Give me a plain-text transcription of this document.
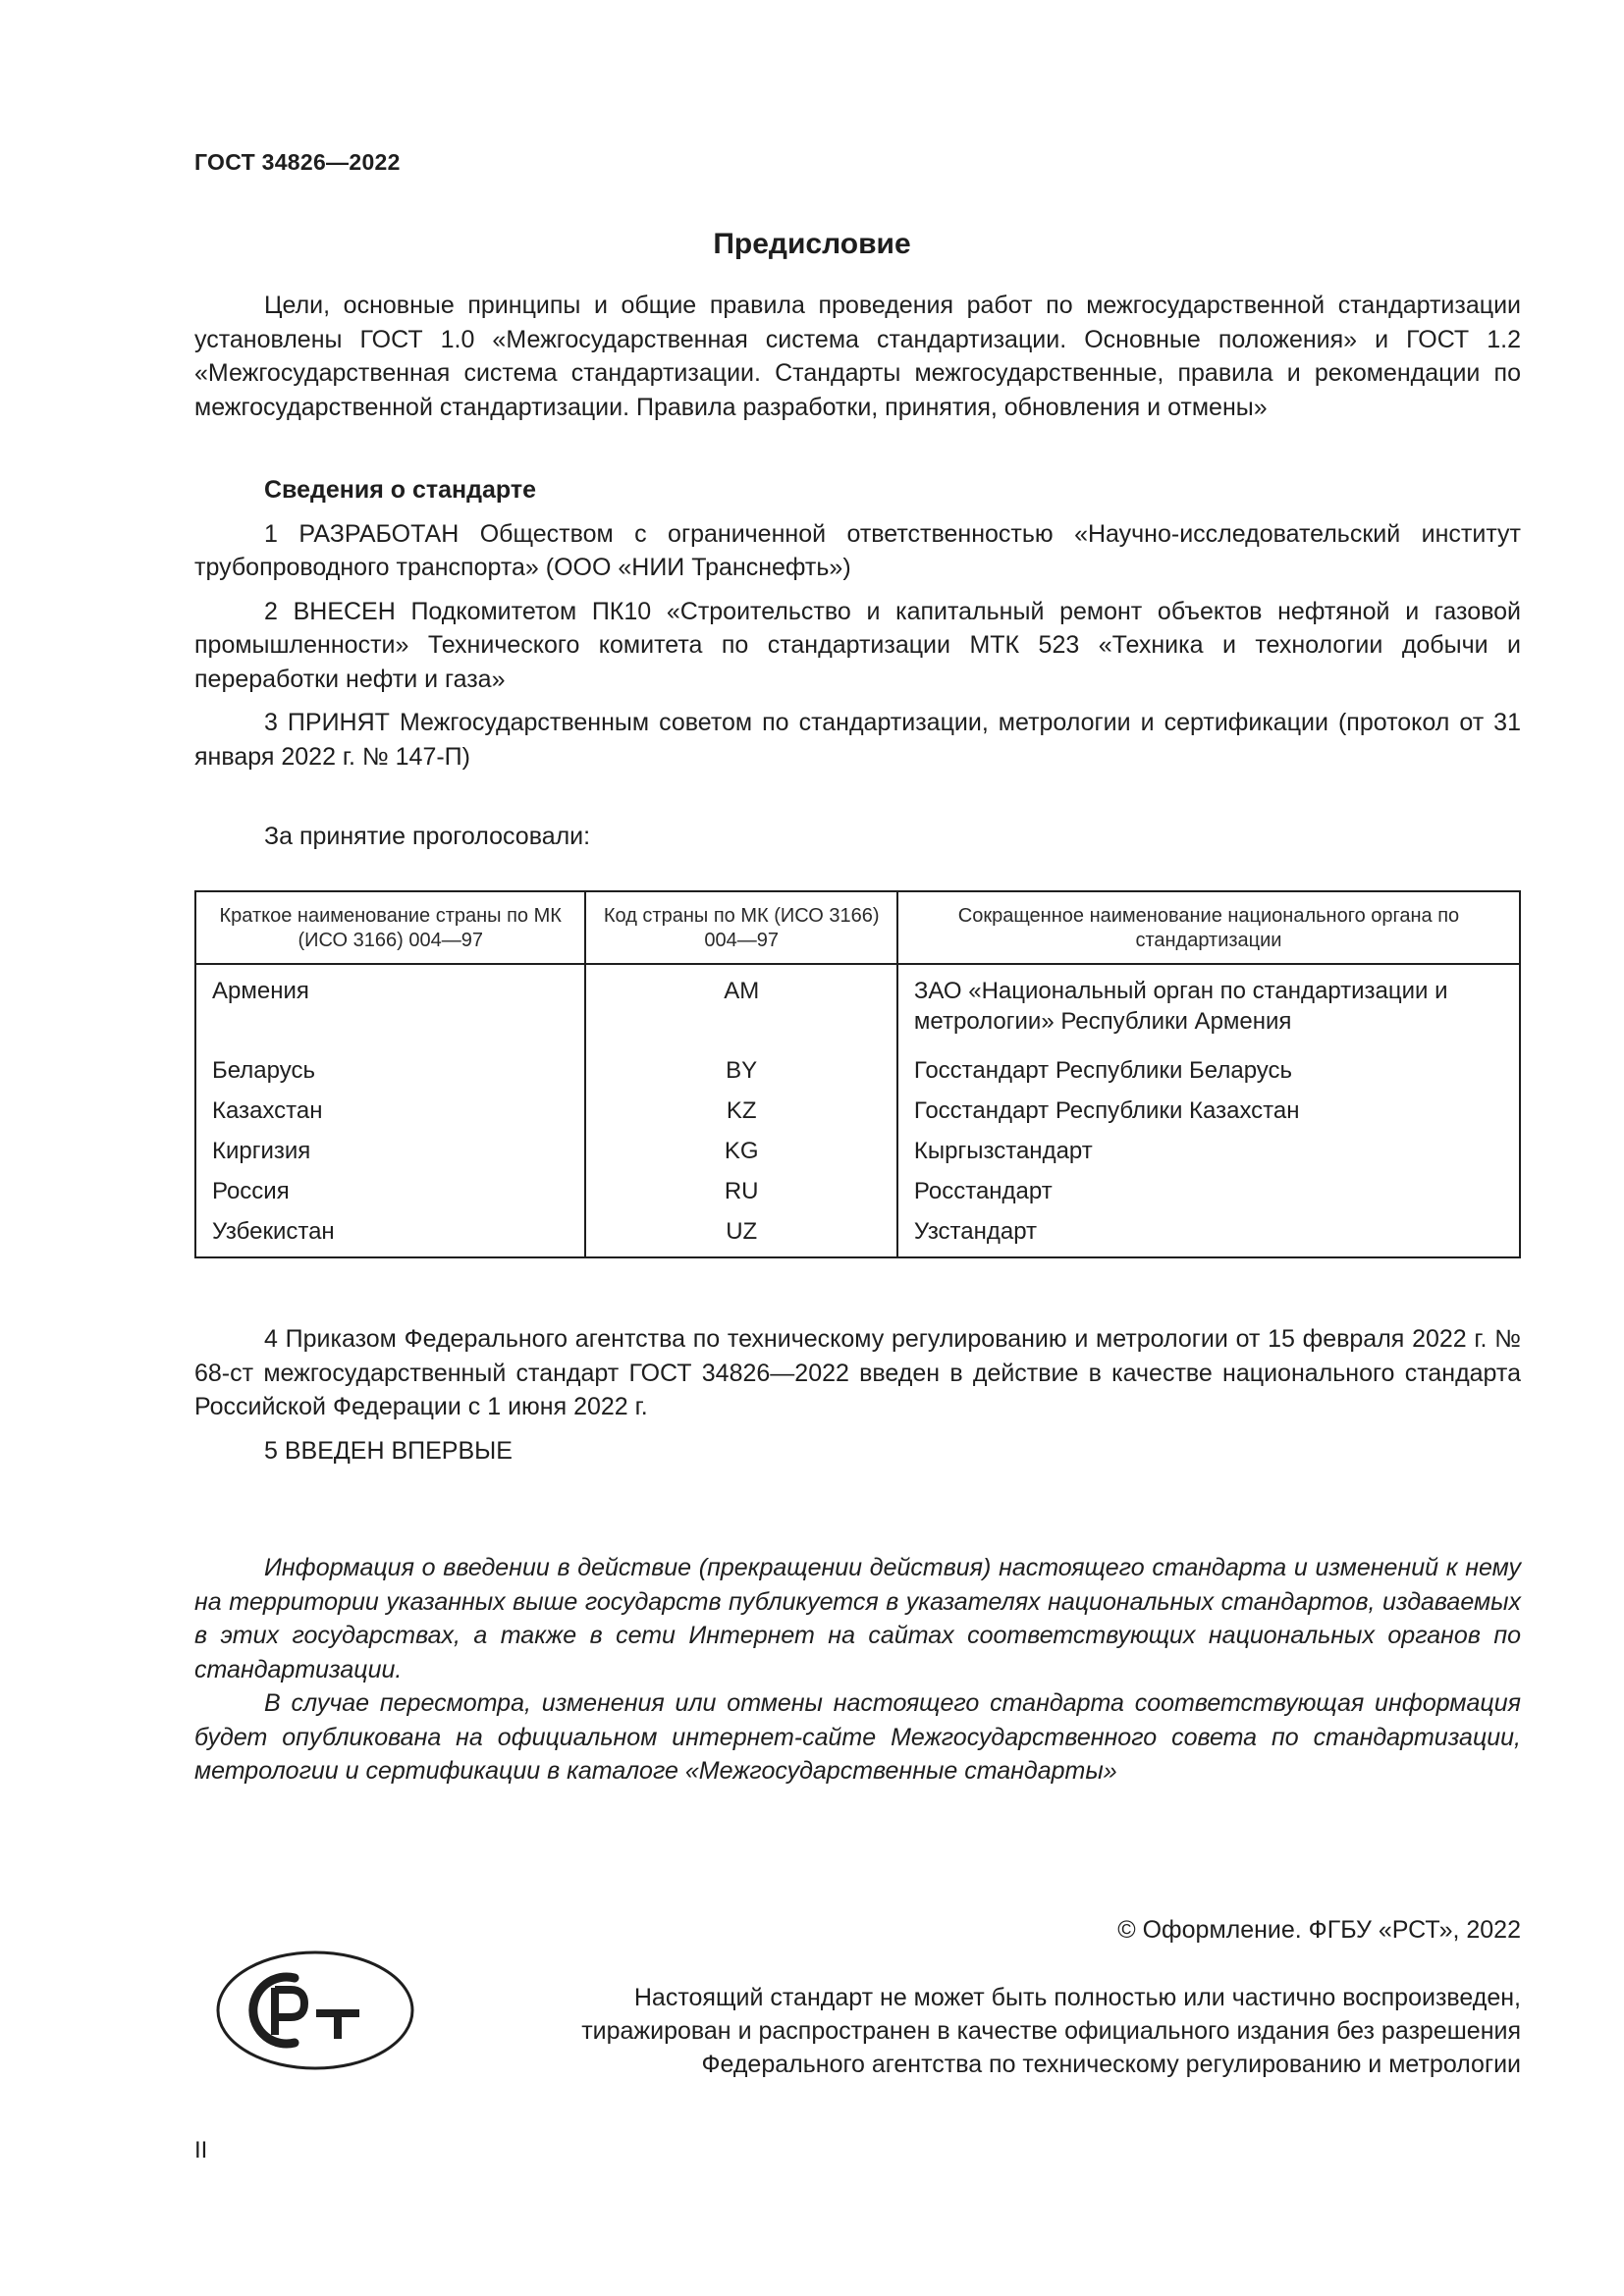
ГОСТ 34826—2022
Предисловие

Цели, основные принципы и общие правила проведения работ по межгосударственной стандартизации установлены ГОСТ 1.0 «Межгосударственная система стандартизации. Основные положения» и ГОСТ 1.2 «Межгосударственная система стандартизации. Стандарты межгосударственные, правила и рекомендации по межгосударственной стандартизации. Правила разработки, принятия, обновления и отмены»

Сведения о стандарте

1 РАЗРАБОТАН Обществом с ограниченной ответственностью «Научно-исследовательский институт трубопроводного транспорта» (ООО «НИИ Транснефть»)

2 ВНЕСЕН Подкомитетом ПК10 «Строительство и капитальный ремонт объектов нефтяной и газовой промышленности» Технического комитета по стандартизации МТК 523 «Техника и технологии добычи и переработки нефти и газа»

3 ПРИНЯТ Межгосударственным советом по стандартизации, метрологии и сертификации (протокол от 31 января 2022 г. № 147-П)

За принятие проголосовали:

Краткое наименование страны по МК (ИСО 3166) 004—97	Код страны по МК (ИСО 3166) 004—97	Сокращенное наименование национального органа по стандартизации
Армения	AM	ЗАО «Национальный орган по стандартизации и метрологии» Республики Армения
Беларусь	BY	Госстандарт Республики Беларусь
Казахстан	KZ	Госстандарт Республики Казахстан
Киргизия	KG	Кыргызстандарт
Россия	RU	Росстандарт
Узбекистан	UZ	Узстандарт

4 Приказом Федерального агентства по техническому регулированию и метрологии от 15 февраля 2022 г. № 68-ст межгосударственный стандарт ГОСТ 34826—2022 введен в действие в качестве национального стандарта Российской Федерации с 1 июня 2022 г.

5 ВВЕДЕН ВПЕРВЫЕ

Информация о введении в действие (прекращении действия) настоящего стандарта и изменений к нему на территории указанных выше государств публикуется в указателях национальных стандартов, издаваемых в этих государствах, а также в сети Интернет на сайтах соответствующих национальных органов по стандартизации.

В случае пересмотра, изменения или отмены настоящего стандарта соответствующая информация будет опубликована на официальном интернет-сайте Межгосударственного совета по стандартизации, метрологии и сертификации в каталоге «Межгосударственные стандарты»

© Оформление. ФГБУ «РСТ», 2022
Настоящий стандарт не может быть полностью или частично воспроизведен,
тиражирован и распространен в качестве официального издания без разрешения
Федерального агентства по техническому регулированию и метрологии
II
